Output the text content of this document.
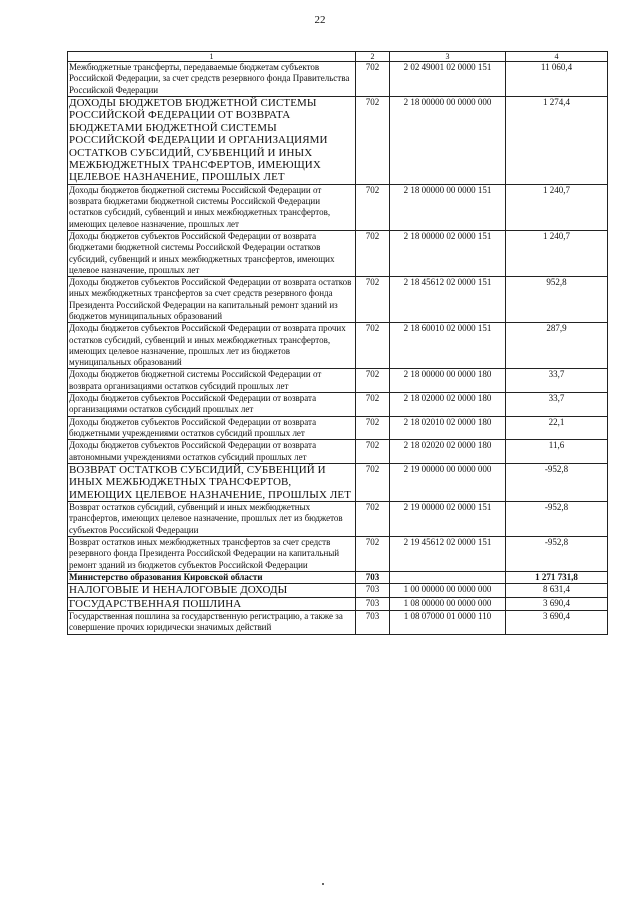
22
1	2	3	4
Межбюджетные трансферты, передаваемые бюджетам субъектов Российской Федерации, за счет средств резервного фонда Правительства Российской Федерации	702	2 02 49001 02 0000 151	11 060,4
ДОХОДЫ БЮДЖЕТОВ БЮДЖЕТНОЙ СИСТЕМЫ РОССИЙСКОЙ ФЕДЕРАЦИИ ОТ ВОЗВРАТА БЮДЖЕТАМИ БЮДЖЕТНОЙ СИСТЕМЫ РОССИЙСКОЙ ФЕДЕРАЦИИ И ОРГАНИЗАЦИЯМИ ОСТАТКОВ СУБСИДИЙ, СУБВЕНЦИЙ И ИНЫХ МЕЖБЮДЖЕТНЫХ ТРАНСФЕРТОВ, ИМЕЮЩИХ ЦЕЛЕВОЕ НАЗНАЧЕНИЕ, ПРОШЛЫХ ЛЕТ	702	2 18 00000 00 0000 000	1 274,4
Доходы бюджетов бюджетной системы Российской Федерации от возврата бюджетами бюджетной системы Российской Федерации остатков субсидий, субвенций и иных межбюджетных трансфертов, имеющих целевое назначение, прошлых лет	702	2 18 00000 00 0000 151	1 240,7
Доходы бюджетов субъектов Российской Федерации от возврата бюджетами бюджетной системы Российской Федерации остатков субсидий, субвенций и иных межбюджетных трансфертов, имеющих целевое назначение, прошлых лет	702	2 18 00000 02 0000 151	1 240,7
Доходы бюджетов субъектов Российской Федерации от возврата остатков иных межбюджетных трансфертов за счет средств резервного фонда Президента Российской Федерации на капитальный ремонт зданий из бюджетов муниципальных образований	702	2 18 45612 02 0000 151	952,8
Доходы бюджетов субъектов Российской Федерации от возврата прочих остатков субсидий, субвенций и иных межбюджетных трансфертов, имеющих целевое назначение, прошлых лет из бюджетов муниципальных образований	702	2 18 60010 02 0000 151	287,9
Доходы бюджетов бюджетной системы Российской Федерации от возврата организациями остатков субсидий прошлых лет	702	2 18 00000 00 0000 180	33,7
Доходы бюджетов субъектов Российской Федерации от возврата организациями остатков субсидий прошлых лет	702	2 18 02000 02 0000 180	33,7
Доходы бюджетов субъектов Российской Федерации от возврата бюджетными учреждениями остатков субсидий прошлых лет	702	2 18 02010 02 0000 180	22,1
Доходы бюджетов субъектов Российской Федерации от возврата автономными учреждениями остатков субсидий прошлых лет	702	2 18 02020 02 0000 180	11,6
ВОЗВРАТ ОСТАТКОВ СУБСИДИЙ, СУБВЕНЦИЙ И ИНЫХ МЕЖБЮДЖЕТНЫХ ТРАНСФЕРТОВ, ИМЕЮЩИХ ЦЕЛЕВОЕ НАЗНАЧЕНИЕ, ПРОШЛЫХ ЛЕТ	702	2 19 00000 00 0000 000	-952,8
Возврат остатков субсидий, субвенций и иных межбюджетных трансфертов, имеющих целевое назначение, прошлых лет из бюджетов субъектов Российской Федерации	702	2 19 00000 02 0000 151	-952,8
Возврат остатков иных межбюджетных трансфертов за счет средств резервного фонда Президента Российской Федерации на капитальный ремонт зданий из бюджетов субъектов Российской Федерации	702	2 19 45612 02 0000 151	-952,8
Министерство образования Кировской области	703		1 271 731,8
НАЛОГОВЫЕ И НЕНАЛОГОВЫЕ ДОХОДЫ	703	1 00 00000 00 0000 000	8 631,4
ГОСУДАРСТВЕННАЯ ПОШЛИНА	703	1 08 00000 00 0000 000	3 690,4
Государственная пошлина за государственную регистрацию, а также за совершение прочих юридически значимых действий	703	1 08 07000 01 0000 110	3 690,4
